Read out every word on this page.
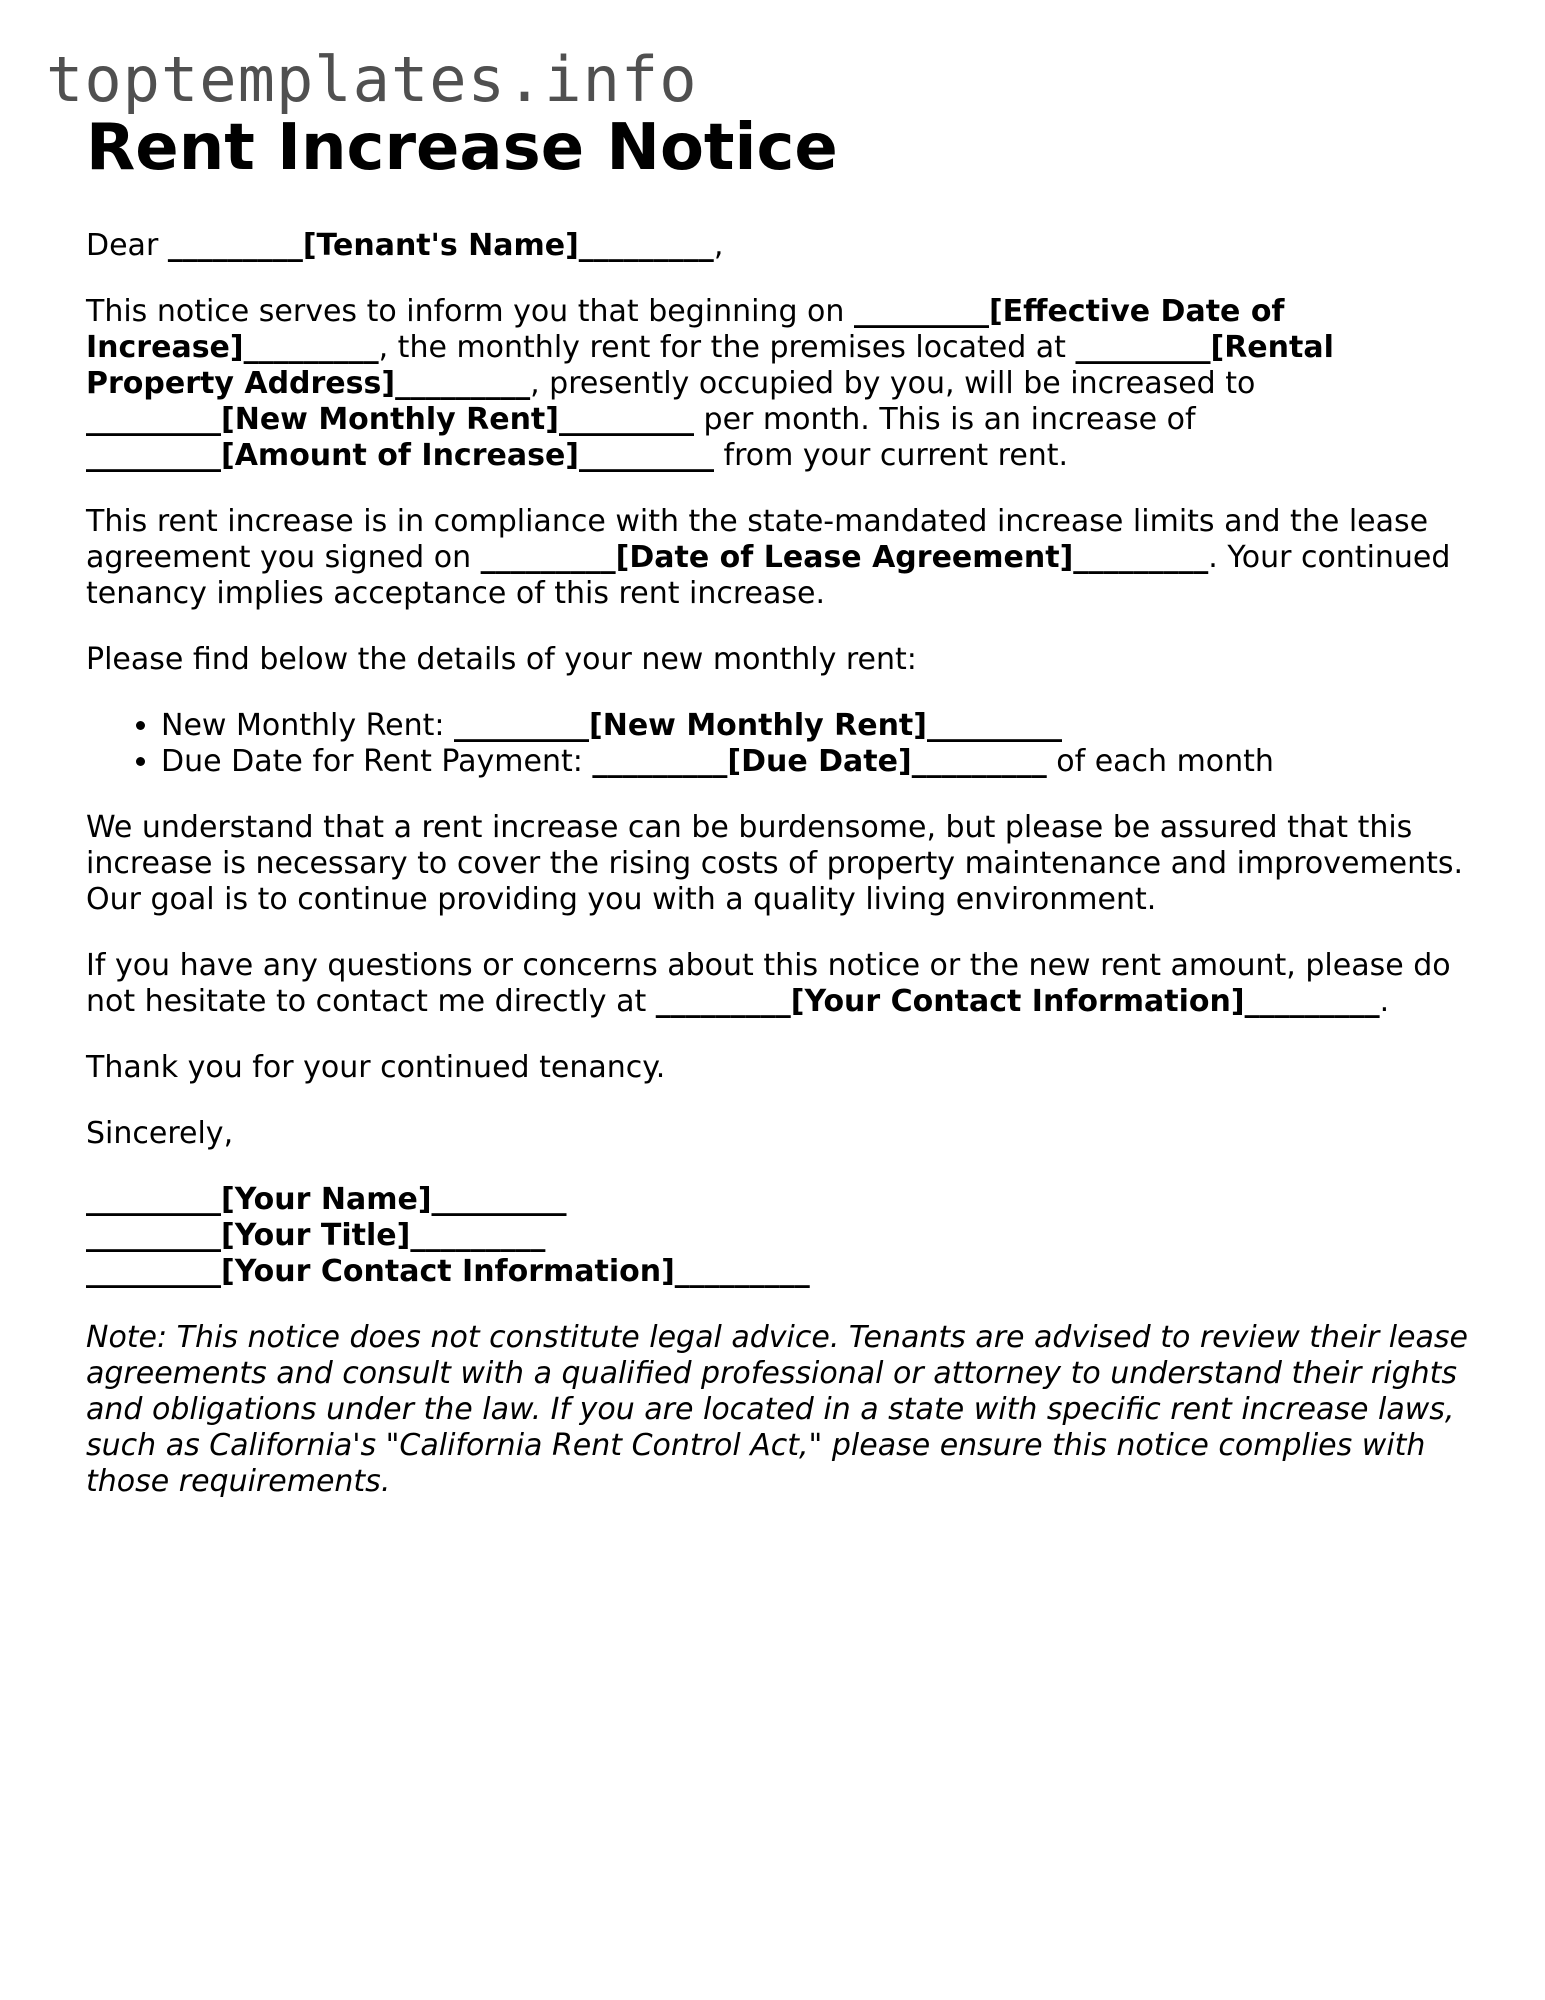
toptemplates.info
Rent Increase Notice

Dear _________[Tenant's Name]_________,

This notice serves to inform you that beginning on _________[Effective Date of Increase]_________, the monthly rent for the premises located at _________[Rental Property Address]_________, presently occupied by you, will be increased to _________[New Monthly Rent]_________ per month. This is an increase of _________[Amount of Increase]_________ from your current rent.

This rent increase is in compliance with the state-mandated increase limits and the lease agreement you signed on _________[Date of Lease Agreement]_________. Your continued tenancy implies acceptance of this rent increase.

Please find below the details of your new monthly rent:

• New Monthly Rent: _________[New Monthly Rent]_________
• Due Date for Rent Payment: _________[Due Date]_________ of each month

We understand that a rent increase can be burdensome, but please be assured that this increase is necessary to cover the rising costs of property maintenance and improvements. Our goal is to continue providing you with a quality living environment.

If you have any questions or concerns about this notice or the new rent amount, please do not hesitate to contact me directly at _________[Your Contact Information]_________.

Thank you for your continued tenancy.

Sincerely,

_________[Your Name]_________
_________[Your Title]_________
_________[Your Contact Information]_________

Note: This notice does not constitute legal advice. Tenants are advised to review their lease agreements and consult with a qualified professional or attorney to understand their rights and obligations under the law. If you are located in a state with specific rent increase laws, such as California's "California Rent Control Act," please ensure this notice complies with those requirements.
